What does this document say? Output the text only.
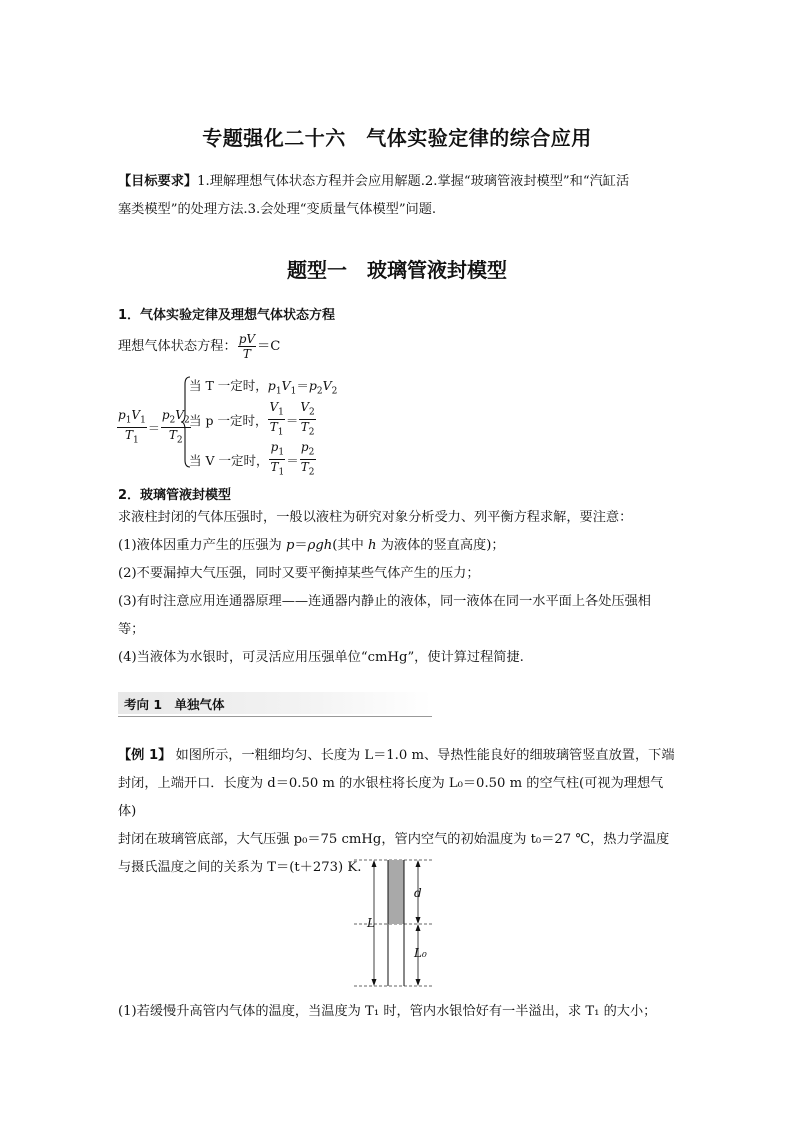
专题强化二十六　气体实验定律的综合应用
【目标要求】1.理解理想气体状态方程并会应用解题.2.掌握“玻璃管液封模型”和“汽缸活
塞类模型”的处理方法.3.会处理“变质量气体模型”问题.
题型一　玻璃管液封模型
1．气体实验定律及理想气体状态方程
理想气体状态方程： $\frac{pV}{T} =C$
$\frac{p_1V_1}{T_1} = \frac{p_2V_2}{T_2}$
当 T 一定时，$p_1V_1=p_2V_2$
当 p 一定时， $\frac{V_1}{T_1} = \frac{V_2}{T_2}$
当 V 一定时， $\frac{p_1}{T_1} = \frac{p_2}{T_2}$
2．玻璃管液封模型
求液柱封闭的气体压强时，一般以液柱为研究对象分析受力、列平衡方程求解，要注意：
(1)液体因重力产生的压强为 p＝ρgh(其中 h 为液体的竖直高度)；
(2)不要漏掉大气压强，同时又要平衡掉某些气体产生的压力；
(3)有时注意应用连通器原理——连通器内静止的液体，同一液体在同一水平面上各处压强相
等；
(4)当液体为水银时，可灵活应用压强单位“cmHg”，使计算过程简捷.
考向 1　单独气体
【例 1】 如图所示，一粗细均匀、长度为 L＝1.0 m、导热性能良好的细玻璃管竖直放置，下端
封闭，上端开口．长度为 d＝0.50 m 的水银柱将长度为 L₀＝0.50 m 的空气柱(可视为理想气体)
封闭在玻璃管底部，大气压强 p₀＝75 cmHg，管内空气的初始温度为 t₀＝27 ℃，热力学温度
与摄氏温度之间的关系为 T＝(t＋273) K.
L
d
L₀
(1)若缓慢升高管内气体的温度，当温度为 T₁ 时，管内水银恰好有一半溢出，求 T₁ 的大小；
